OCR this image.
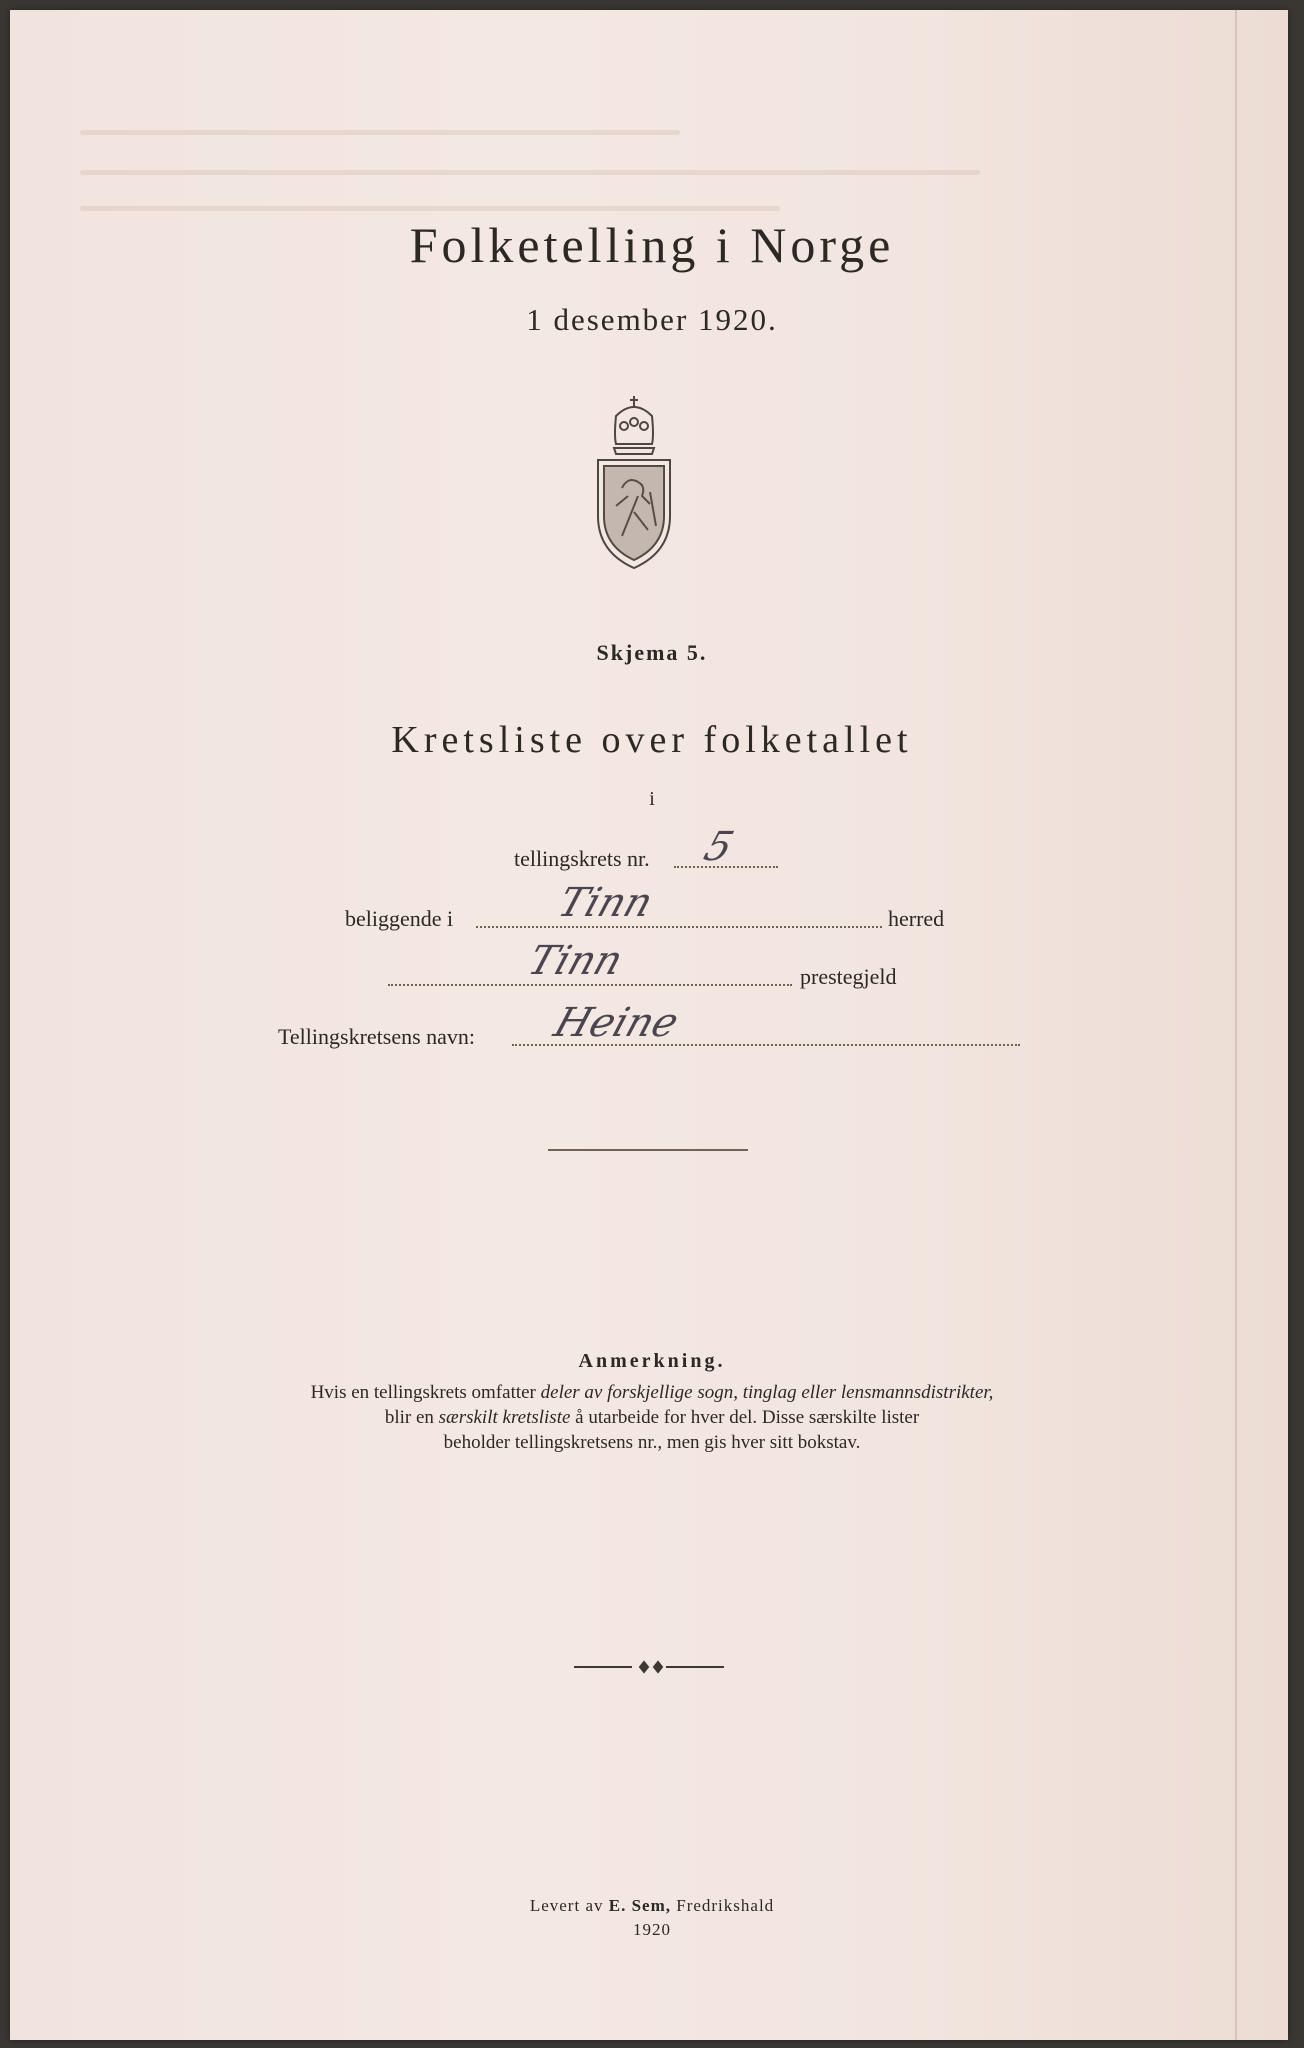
Folketelling i Norge
1 desember 1920.
Skjema 5.
Kretsliste over folketallet
i
tellingskrets nr. 5
beliggende i Tinn	herred
Tinn	prestegjeld
Tellingskretsens navn: Heine
Anmerkning.
Hvis en tellingskrets omfatter deler av forskjellige sogn, tinglag eller lensmannsdistrikter,
blir en særskilt kretsliste å utarbeide for hver del. Disse særskilte lister
beholder tellingskretsens nr., men gis hver sitt bokstav.
Levert av E. Sem, Fredrikshald
1920
